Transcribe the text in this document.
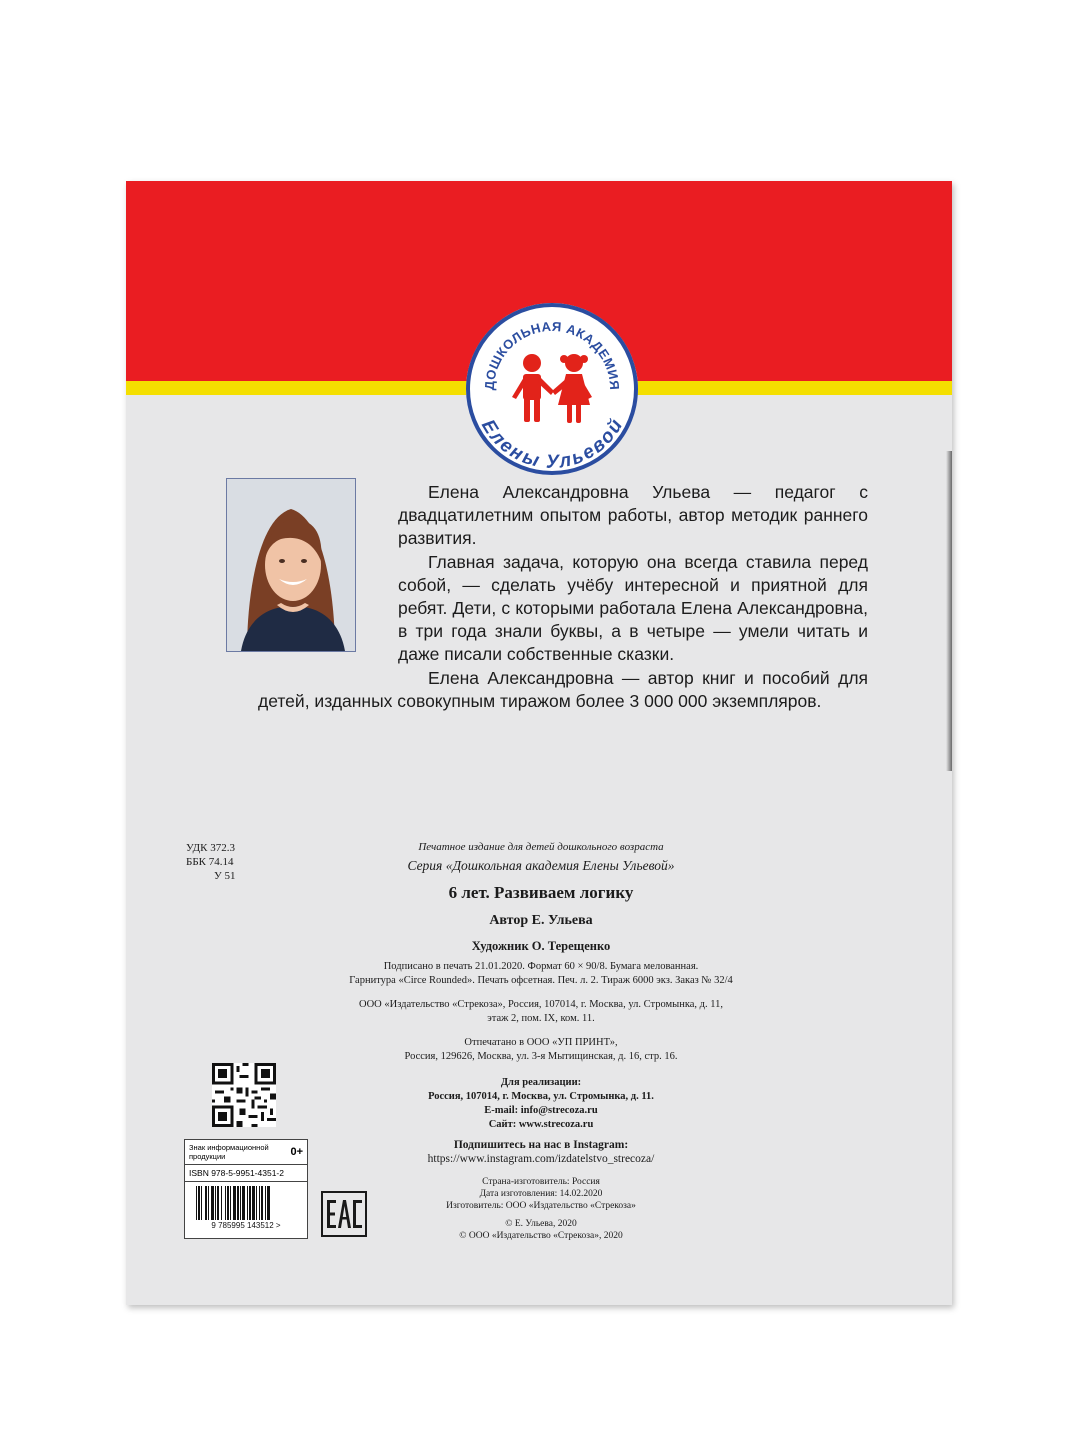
ДОШКОЛЬНАЯ АКАДЕМИЯ
Елены Ульевой

Елена Александровна Ульева — педагог с двадцатилетним опытом работы, автор методик раннего развития.

Главная задача, которую она всегда ставила перед собой, — сделать учёбу интересной и приятной для ребят. Дети, с которыми работала Елена Александровна, в три года знали буквы, а в четыре — умели читать и даже писали собственные сказки.

Елена Александровна — автор книг и пособий для детей, изданных совокупным тиражом более 3 000 000 экземпляров.

УДК 372.3
ББК 74.14
У 51
Печатное издание для детей дошкольного возраста
Серия «Дошкольная академия Елены Ульевой»
6 лет. Развиваем логику
Автор Е. Ульева
Художник О. Терещенко
Подписано в печать 21.01.2020. Формат 60 × 90/8. Бумага мелованная.
Гарнитура «Circe Rounded». Печать офсетная. Печ. л. 2. Тираж 6000 экз. Заказ № 32/4
ООО «Издательство «Стрекоза», Россия, 107014, г. Москва, ул. Стромынка, д. 11,
этаж 2, пом. IX, ком. 11.
Отпечатано в ООО «УП ПРИНТ»,
Россия, 129626, Москва, ул. 3-я Мытищинская, д. 16, стр. 16.
Для реализации:
Россия, 107014, г. Москва, ул. Стромынка, д. 11.
E-mail: info@strecoza.ru
Сайт: www.strecoza.ru
Подпишитесь на нас в Instagram:
https://www.instagram.com/izdatelstvo_strecoza/
Страна-изготовитель: Россия
Дата изготовления: 14.02.2020
Изготовитель: ООО «Издательство «Стрекоза»
© Е. Ульева, 2020
© ООО «Издательство «Стрекоза», 2020
Знак информационной продукции	0+
ISBN 978-5-9951-4351-2
9 785995 143512 >
